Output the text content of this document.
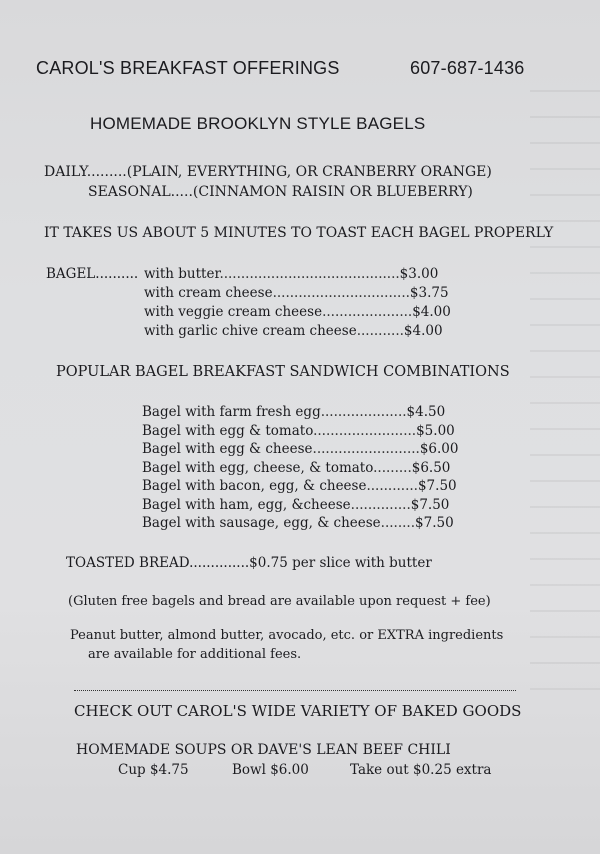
CAROL'S BREAKFAST OFFERINGS	607-687-1436
HOMEMADE BROOKLYN STYLE BAGELS
DAILY.........(PLAIN, EVERYTHING, OR CRANBERRY ORANGE)
SEASONAL.....(CINNAMON RAISIN OR BLUEBERRY)
IT TAKES US ABOUT 5 MINUTES TO TOAST EACH BAGEL PROPERLY
BAGEL.......... with butter..........................................$3.00
with cream cheese................................$3.75
with veggie cream cheese.....................$4.00
with garlic chive cream cheese...........$4.00
POPULAR BAGEL BREAKFAST SANDWICH COMBINATIONS
Bagel with farm fresh egg....................$4.50
Bagel with egg & tomato........................$5.00
Bagel with egg & cheese.........................$6.00
Bagel with egg, cheese, & tomato.........$6.50
Bagel with bacon, egg, & cheese............$7.50
Bagel with ham, egg, &cheese..............$7.50
Bagel with sausage, egg, & cheese........$7.50
TOASTED BREAD..............$0.75 per slice with butter
(Gluten free bagels and bread are available upon request + fee)
Peanut butter, almond butter, avocado, etc. or EXTRA ingredients
are available for additional fees.
CHECK OUT CAROL'S WIDE VARIETY OF BAKED GOODS
HOMEMADE SOUPS OR DAVE'S LEAN BEEF CHILI
Cup $4.75	Bowl $6.00	Take out $0.25 extra
